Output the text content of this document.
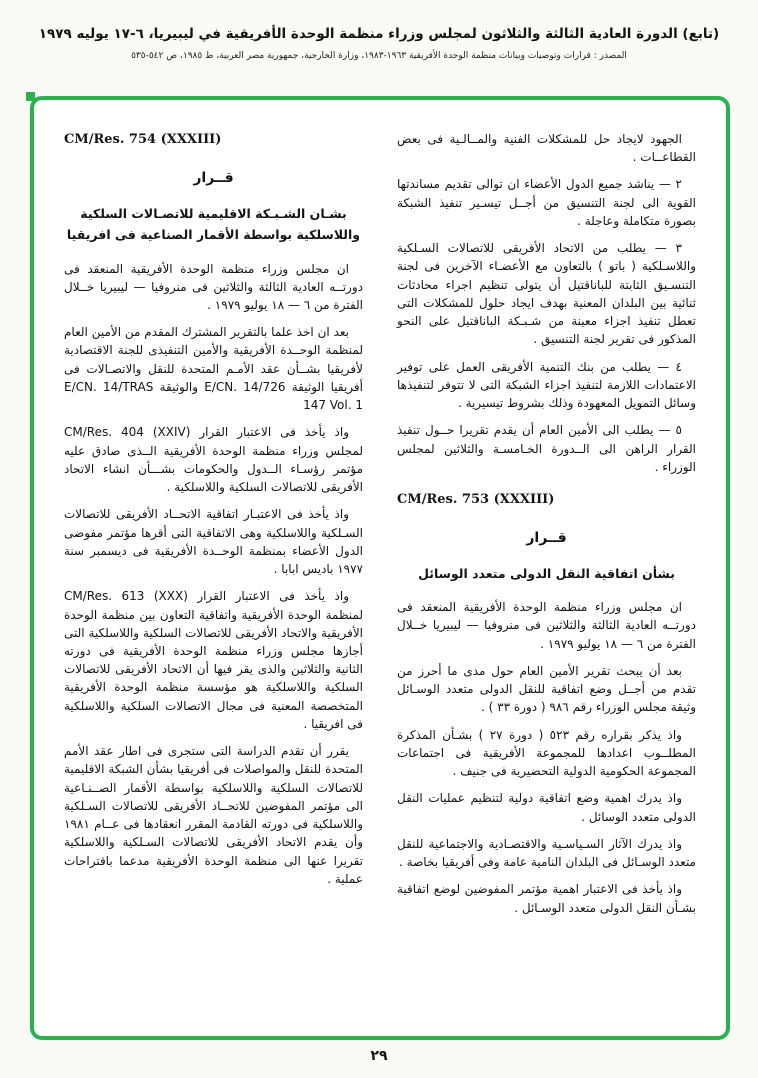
(تابع) الدورة العادية الثالثة والثلاثون لمجلس وزراء منظمة الوحدة الأفريقية في ليبيريا، ٦-١٧ يوليه ١٩٧٩
المصدر : قرارات وتوصيات وبيانات منظمة الوحدة الأفريقية ١٩٦٣-١٩٨٣، وزارة الخارجية، جمهورية مصر العربية، ط ١٩٨٥، ص ٥٤٢-٥٣٥

الجهود لايجاد حل للمشكلات الفنية والمــالـية فى بعض القطاعــات .

٢ — يناشد جميع الدول الأعضاء ان توالى تقديم مساندتها القوية الى لجنة التنسيق من أجــل تيسـير تنفيذ الشبكة بصورة متكاملة وعاجلة .

٣ — يطلب من الاتحاد الأفريقى للاتصالات السـلكية واللاسـلكية ( باتو ) بالتعاون مع الأعضـاء الآخرين فى لجنة التنسـيق الثابتة للباناقتيل أن يتولى تنظيم اجراء محادثات ثنائية بين البلدان المعنية بهدف ايجاد حلول للمشكلات التى تعطل تنفيذ اجزاء معينة من شـبـكة الباناقتيل على النحو المذكور فى تقرير لجنة التنسيق .

٤ — يطلب من بنك التنمية الأفريقى العمل على توفير الاعتمادات اللازمة لتنفيذ اجزاء الشبكة التى لا تتوفر لتنفيذها وسائل التمويل المعهودة وذلك بشروط تيسيرية .

٥ — يطلب الى الأمين العام أن يقدم تقريرا حــول تنفيذ القرار الراهن الى الــدورة الخـامسـة والثلاثين لمجلس الوزراء .

CM/Res. 753 (XXXIII)
قــرار
بشأن اتفاقية النقل الدولى متعدد الوسائل

ان مجلس وزراء منظمة الوحدة الأفريقية المنعقد فى دورتــه العادية الثالثة والثلاثين فى منروفيا — ليبيريا خــلال الفترة من ٦ — ١٨ يوليو ١٩٧٩ .

بعد أن يبحث تقرير الأمين العام حول مدى ما أحرز من تقدم من أجــل وضع اتفاقية للنقل الدولى متعدد الوسـائل وثيقة مجلس الوزراء رقم ٩٨٦ ( دورة ٣٣ ) .

واذ يذكر بقراره رقم ٥٢٣ ( دورة ٢٧ ) بشـأن المذكرة المطلــوب اعدادها للمجموعة الأفريقية فى اجتماعات المجموعة الحكومية الدولية التحضيرية فى جنيف .

واذ يدرك اهمية وضع اتفاقية دولية لتنظيم عمليات النقل الدولى متعدد الوسائل .

واذ يدرك الآثار السـياسـية والاقتصـادية والاجتماعية للنقل متعدد الوسـائل فى البلدان النامية عامة وفى أفريقيا بخاصة .

واذ يأخذ فى الاعتبار اهمية مؤتمر المفوضين لوضع اتفاقية بشـأن النقل الدولى متعدد الوسـائل .

CM/Res. 754 (XXXIII)
قــرار
بشـان الشـبـكة الاقليمية للاتصـالات السلكية واللاسلكية بواسطة الأقمار الصناعية فى افريقيا

ان مجلس وزراء منظمة الوحدة الأفريقية المنعقد فى دورتــه العادية الثالثة والثلاثين فى منروفيا — ليبيريا خــلال الفترة من ٦ — ١٨ يوليو ١٩٧٩ .

بعد ان اخذ علما بالتقرير المشترك المقدم من الأمين العام لمنظمة الوحــدة الأفريقية والأمين التنفيذى للجنة الاقتصادية لأفريقيا بشــأن عقد الأمـم المتحدة للنقل والاتصـالات فى أفريقيا الوثيقة E/CN. 14/726 والوثيقة E/CN. 14/TRAS 147 Vol. 1

واذ يأخذ فى الاعتبار القرار CM/Res. 404 (XXIV) لمجلس وزراء منظمة الوحدة الأفريقية الــذى صادق عليه مؤتمر رؤسـاء الــدول والحكومات بشـــأن انشاء الاتحاد الأفريقى للاتصالات السلكية واللاسلكية .

واذ يأخذ فى الاعتبـار اتفاقية الاتحــاد الأفريقى للاتصالات السـلكية واللاسلكية وهى الاتفاقية التى أقرها مؤتمر مفوضى الدول الأعضاء بمنظمة الوحــدة الأفريقية فى ديسمبر سنة ١٩٧٧ باديس ابابا .

واذ يأخذ فى الاعتبار القرار CM/Res. 613 (XXX) لمنظمة الوحدة الأفريقية واتفاقية التعاون بين منظمة الوحدة الأفريقية والاتحاد الأفريقى للاتصالات السلكية واللاسلكية التى أجازها مجلس وزراء منظمة الوحدة الأفريقية فى دورته الثانية والثلاثين والذى يقر فيها أن الاتحاد الأفريقى للاتصالات السلكية واللاسلكية هو مؤسسة منظمة الوحدة الأفريقية المتخصصة المعنية فى مجال الاتصالات السلكية واللاسلكية فى افريقيا .

يقرر أن تقدم الدراسة التى ستجرى فى اطار عقد الأمم المتحدة للنقل والمواصلات فى أفريقيا بشأن الشبكة الاقليمية للاتصالات السلكية واللاسلكية بواسطة الأقمار الصــنـاعية الى مؤتمر المفوضين للاتحــاد الأفريقى للاتصالات السـلكية واللاسلكية فى دورته القادمة المقرر انعقادها فى عــام ١٩٨١ وأن يقدم الاتحاد الأفريقى للاتصالات السـلكية واللاسلكية تقريرا عنها الى منظمة الوحدة الأفريقية مدعما باقتراحات عملية .

٢٩
